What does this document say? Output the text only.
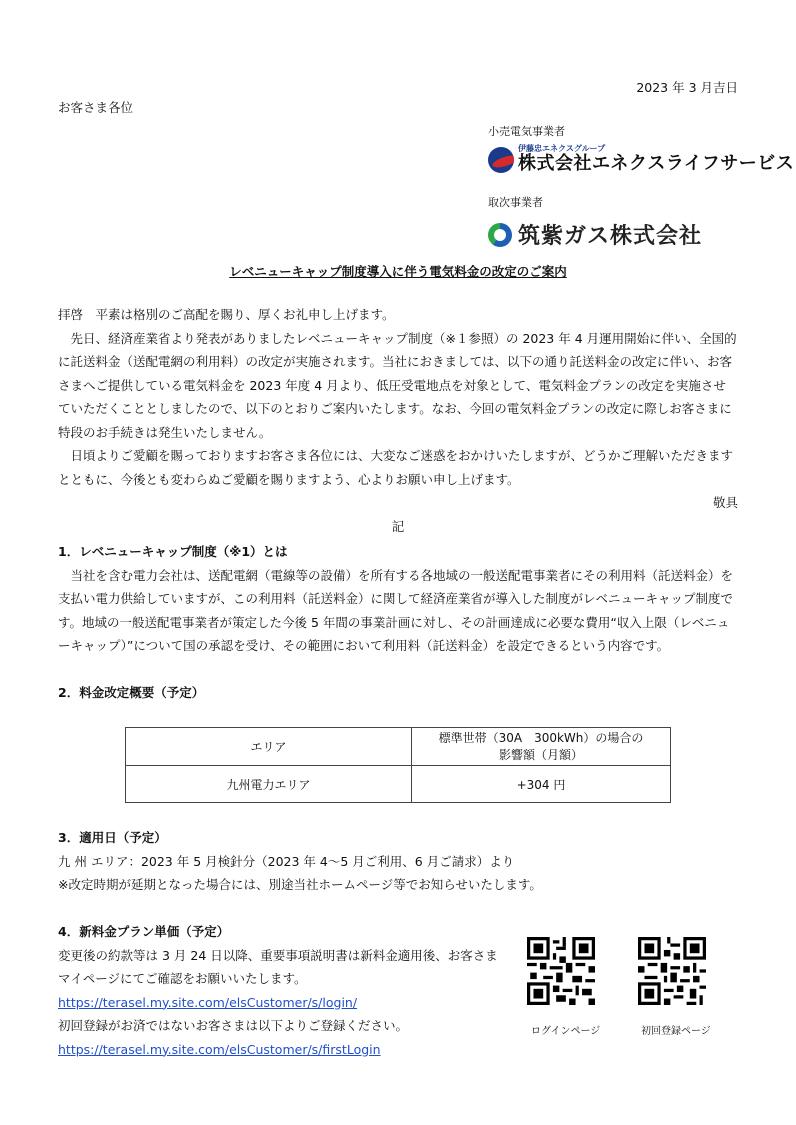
2023 年 3 月吉日
お客さま各位
小売電気事業者
伊藤忠エネクスグループ
株式会社エネクスライフサービス
取次事業者
筑紫ガス株式会社
レベニューキャップ制度導入に伴う電気料金の改定のご案内

拝啓　平素は格別のご高配を賜り、厚くお礼申し上げます。

先日、経済産業省より発表がありましたレベニューキャップ制度（※１参照）の 2023 年 4 月運用開始に伴い、全国的に託送料金（送配電網の利用料）の改定が実施されます。当社におきましては、以下の通り託送料金の改定に伴い、お客さまへご提供している電気料金を 2023 年度 4 月より、低圧受電地点を対象として、電気料金プランの改定を実施させていただくこととしましたので、以下のとおりご案内いたします。なお、今回の電気料金プランの改定に際しお客さまに特段のお手続きは発生いたしません。

日頃よりご愛顧を賜っておりますお客さま各位には、大変なご迷惑をおかけいたしますが、どうかご理解いただきますとともに、今後とも変わらぬご愛顧を賜りますよう、心よりお願い申し上げます。

敬具

記

1．レベニューキャップ制度（※1）とは

当社を含む電力会社は、送配電網（電線等の設備）を所有する各地域の一般送配電事業者にその利用料（託送料金）を支払い電力供給していますが、この利用料（託送料金）に関して経済産業省が導入した制度がレベニューキャップ制度です。地域の一般送配電事業者が策定した今後 5 年間の事業計画に対し、その計画達成に必要な費用“収入上限（レベニューキャップ）”について国の承認を受け、その範囲において利用料（託送料金）を設定できるという内容です。

2．料金改定概要（予定）
エリア	標準世帯（30A　300kWh）の場合の
影響額（月額）
九州電力エリア	+304 円
3．適用日（予定）

九 州 エリア：2023 年 5 月検針分（2023 年 4～5 月ご利用、6 月ご請求）より

※改定時期が延期となった場合には、別途当社ホームページ等でお知らせいたします。

4．新料金プラン単価（予定）

変更後の約款等は 3 月 24 日以降、重要事項説明書は新料金適用後、お客さま

マイページにてご確認をお願いいたします。

https://terasel.my.site.com/elsCustomer/s/login/

初回登録がお済ではないお客さまは以下よりご登録ください。

https://terasel.my.site.com/elsCustomer/s/firstLogin

ログインページ	初回登録ページ
